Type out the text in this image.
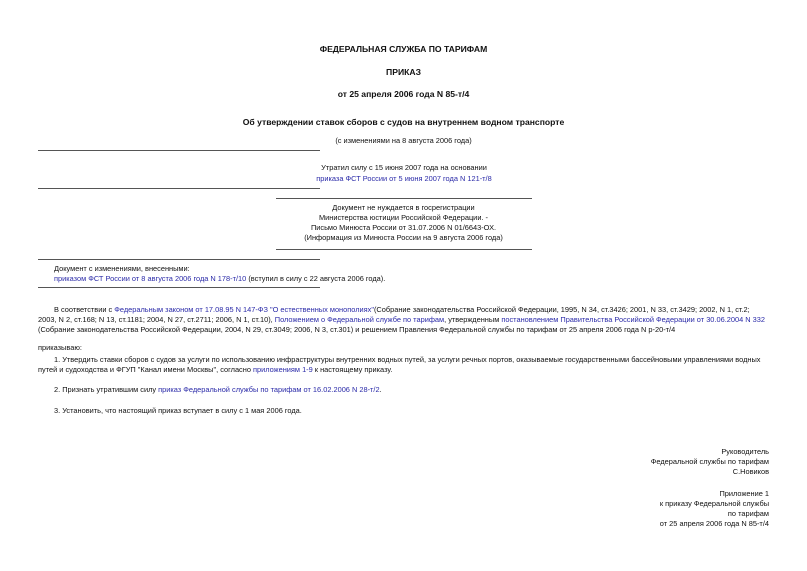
ФЕДЕРАЛЬНАЯ СЛУЖБА ПО ТАРИФАМ
ПРИКАЗ
от 25 апреля 2006 года N 85-т/4
Об утверждении ставок сборов с судов на внутреннем водном транспорте
(с изменениями на 8 августа 2006 года)
Утратил силу с 15 июня 2007 года на основании
приказа ФСТ России от 5 июня 2007 года N 121-т/8
Документ не нуждается в госрегистрации
Министерства юстиции Российской Федерации. -
Письмо Минюста России от 31.07.2006 N 01/6643-ОХ.
(Информация из Минюста России на 9 августа 2006 года)
Документ с изменениями, внесенными:
приказом ФСТ России от 8 августа 2006 года N 178-т/10 (вступил в силу с 22 августа 2006 года).
В соответствии с Федеральным законом от 17.08.95 N 147-ФЗ "О естественных монополиях"(Собрание законодательства Российской Федерации, 1995, N 34, ст.3426; 2001, N 33, ст.3429; 2002, N 1, ст.2; 2003, N 2, ст.168; N 13, ст.1181; 2004, N 27, ст.2711; 2006, N 1, ст.10), Положением о Федеральной службе по тарифам, утвержденным постановлением Правительства Российской Федерации от 30.06.2004 N 332 (Собрание законодательства Российской Федерации, 2004, N 29, ст.3049; 2006, N 3, ст.301) и решением Правления Федеральной службы по тарифам от 25 апреля 2006 года N р-20-т/4
приказываю:
1. Утвердить ставки сборов с судов за услуги по использованию инфраструктуры внутренних водных путей, за услуги речных портов, оказываемые государственными бассейновыми управлениями водных путей и судоходства и ФГУП "Канал имени Москвы", согласно приложениям 1-9 к настоящему приказу.
2. Признать утратившим силу приказ Федеральной службы по тарифам от 16.02.2006 N 28-т/2.
3. Установить, что настоящий приказ вступает в силу с 1 мая 2006 года.
Руководитель
Федеральной службы по тарифам
С.Новиков
Приложение 1
к приказу Федеральной службы
по тарифам
от 25 апреля 2006 года N 85-т/4
